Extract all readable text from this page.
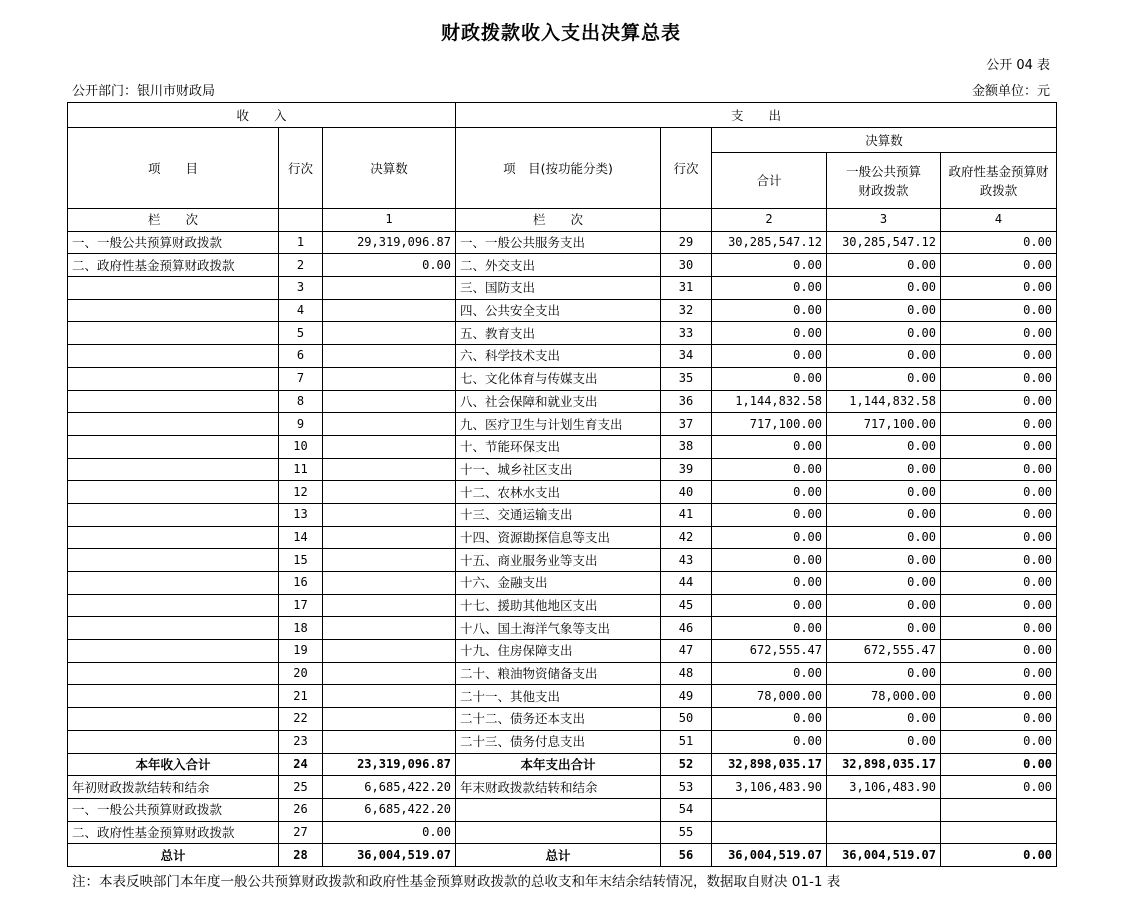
财政拨款收入支出决算总表
公开 04 表
公开部门：银川市财政局	金额单位：元
收　　入			支　　出				
项　　目	行次	决算数	项　目(按功能分类)	行次	决算数		
					合计	一般公共预算财政拨款	政府性基金预算财政拨款
栏　　次		1	栏　　次		2	3	4
一、一般公共预算财政拨款	1	29,319,096.87	一、一般公共服务支出	29	30,285,547.12	30,285,547.12	0.00
二、政府性基金预算财政拨款	2	0.00	二、外交支出	30	0.00	0.00	0.00
	3		三、国防支出	31	0.00	0.00	0.00
	4		四、公共安全支出	32	0.00	0.00	0.00
	5		五、教育支出	33	0.00	0.00	0.00
	6		六、科学技术支出	34	0.00	0.00	0.00
	7		七、文化体育与传媒支出	35	0.00	0.00	0.00
	8		八、社会保障和就业支出	36	1,144,832.58	1,144,832.58	0.00
	9		九、医疗卫生与计划生育支出	37	717,100.00	717,100.00	0.00
	10		十、节能环保支出	38	0.00	0.00	0.00
	11		十一、城乡社区支出	39	0.00	0.00	0.00
	12		十二、农林水支出	40	0.00	0.00	0.00
	13		十三、交通运输支出	41	0.00	0.00	0.00
	14		十四、资源勘探信息等支出	42	0.00	0.00	0.00
	15		十五、商业服务业等支出	43	0.00	0.00	0.00
	16		十六、金融支出	44	0.00	0.00	0.00
	17		十七、援助其他地区支出	45	0.00	0.00	0.00
	18		十八、国土海洋气象等支出	46	0.00	0.00	0.00
	19		十九、住房保障支出	47	672,555.47	672,555.47	0.00
	20		二十、粮油物资储备支出	48	0.00	0.00	0.00
	21		二十一、其他支出	49	78,000.00	78,000.00	0.00
	22		二十二、债务还本支出	50	0.00	0.00	0.00
	23		二十三、债务付息支出	51	0.00	0.00	0.00
本年收入合计	24	23,319,096.87	本年支出合计	52	32,898,035.17	32,898,035.17	0.00
年初财政拨款结转和结余	25	6,685,422.20	年末财政拨款结转和结余	53	3,106,483.90	3,106,483.90	0.00
一、一般公共预算财政拨款	26	6,685,422.20		54			
二、政府性基金预算财政拨款	27	0.00		55			
总计	28	36,004,519.07	总计	56	36,004,519.07	36,004,519.07	0.00
注：本表反映部门本年度一般公共预算财政拨款和政府性基金预算财政拨款的总收支和年末结余结转情况，数据取自财决 01-1 表
